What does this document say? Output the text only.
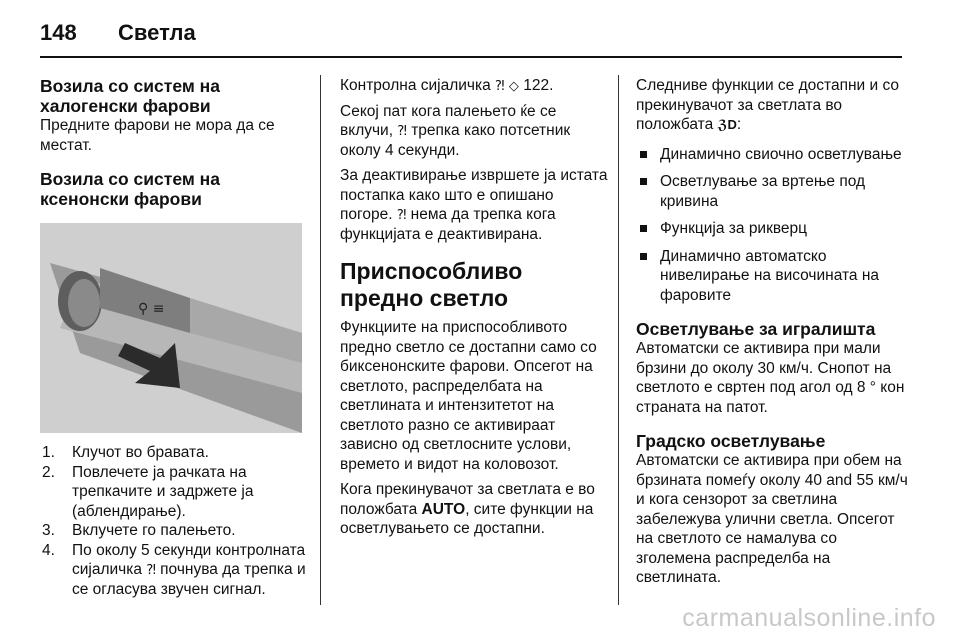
148 Светла

Возила со систем на халогенски фарови

Предните фарови не мора да се местат.

Возила со систем на ксенонски фарови

⚲ ≡
1. Клучот во бравата.
2. Повлечете ја рачката на трепкачите и задржете ја (аблендирање).
3. Вклучете го палењето.
4. По околу 5 секунди контролната сијаличка ⁈ почнува да трепка и се огласува звучен сигнал.

Контролна сијаличка ⁈ ◇ 122.

Секој пат кога палењето ќе се вклучи, ⁈ трепка како потсетник околу 4 секунди.

За деактивирање извршете ја истата постапка како што е опишано погоре. ⁈ нема да трепка кога функцијата е деактивирана.

Приспособливо предно светло

Функциите на приспособливото предно светло се достапни само со биксенонските фарови. Опсегот на светлото, распределбата на светлината и интензитетот на светлото разно се активираат зависно од светлосните услови, времето и видот на коловозот.

Кога прекинувачот за светлата е во положбата AUTO, сите функции на осветлувањето се достапни.

Следниве функции се достапни и со прекинувачот за светлата во положбата ℨD:

Динамично свиочно осветлување
Осветлување за вртење под кривина
Функција за рикверц
Динамично автоматско нивелирање на височината на фаровите

Осветлување за игралишта

Автоматски се активира при мали брзини до околу 30 км/ч. Снопот на светлото е свртен под агол од 8 ° кон страната на патот.

Градско осветлување

Автоматски се активира при обем на брзината помеѓу околу 40 and 55 км/ч и кога сензорот за светлина забележува улични светла. Опсегот на светлото се намалува со зголемена распределба на светлината.

carmanualsonline.info
